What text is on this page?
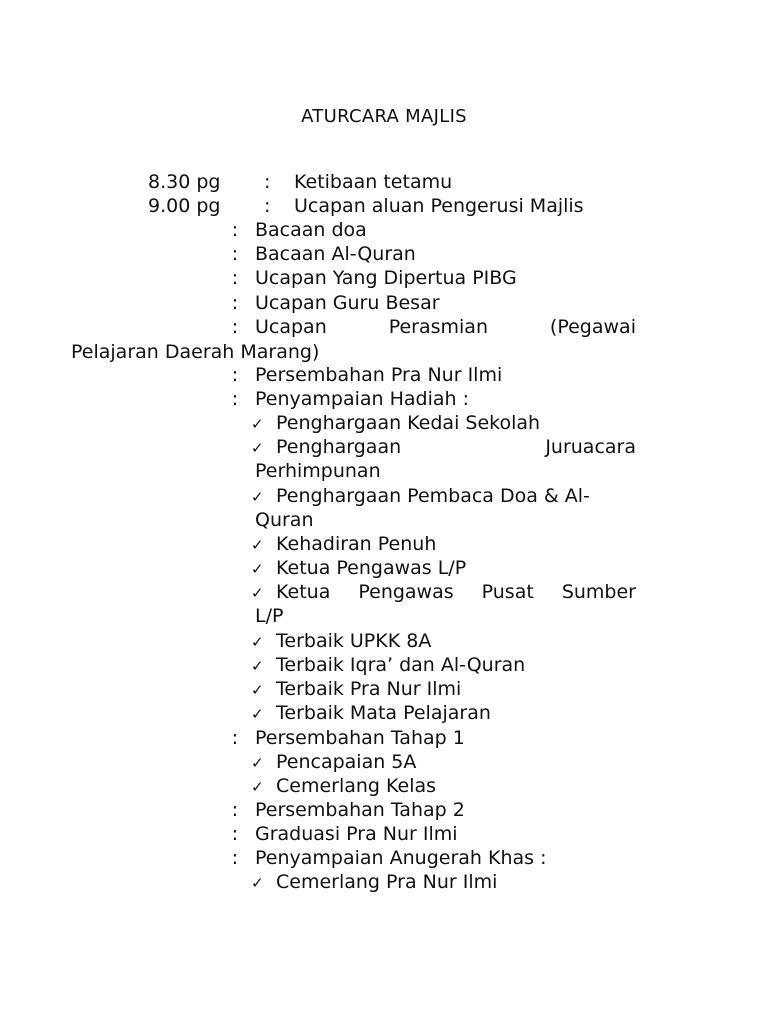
ATURCARA MAJLIS
8.30 pg : Ketibaan tetamu
9.00 pg : Ucapan aluan Pengerusi Majlis
: Bacaan doa
: Bacaan Al-Quran
: Ucapan Yang Dipertua PIBG
: Ucapan Guru Besar
: Ucapan	Perasmian	(Pegawai
Pelajaran Daerah Marang)
: Persembahan Pra Nur Ilmi
: Penyampaian Hadiah :
✓ Penghargaan Kedai Sekolah
✓ Penghargaan	Juruacara
Perhimpunan
✓ Penghargaan Pembaca Doa & Al-
Quran
✓ Kehadiran Penuh
✓ Ketua Pengawas L/P
✓ Ketua Pengawas Pusat Sumber
L/P
✓ Terbaik UPKK 8A
✓ Terbaik Iqra’ dan Al-Quran
✓ Terbaik Pra Nur Ilmi
✓ Terbaik Mata Pelajaran
: Persembahan Tahap 1
✓ Pencapaian 5A
✓ Cemerlang Kelas
: Persembahan Tahap 2
: Graduasi Pra Nur Ilmi
: Penyampaian Anugerah Khas :
✓ Cemerlang Pra Nur Ilmi
